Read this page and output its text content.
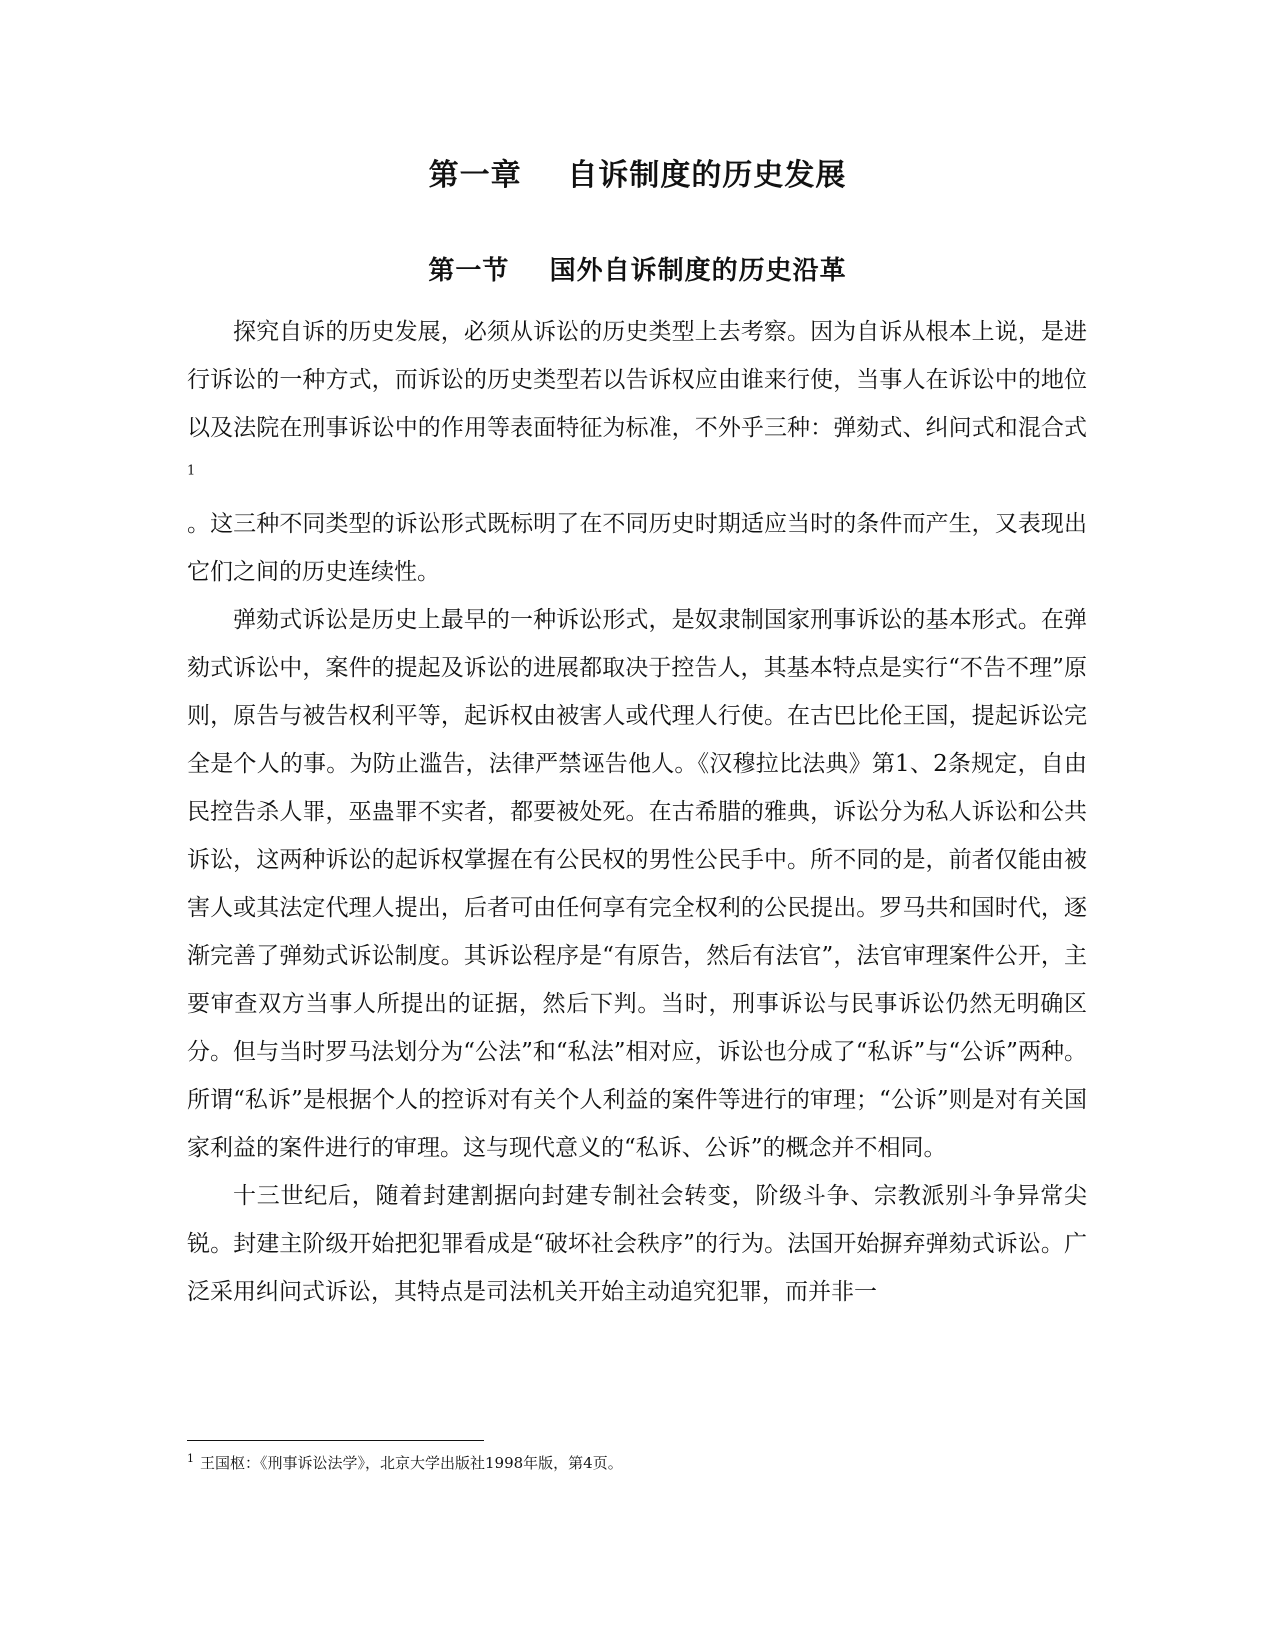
第一章    自诉制度的历史发展
第一节    国外自诉制度的历史沿革

探究自诉的历史发展，必须从诉讼的历史类型上去考察。因为自诉从根本上说，是进行诉讼的一种方式，而诉讼的历史类型若以告诉权应由谁来行使，当事人在诉讼中的地位以及法院在刑事诉讼中的作用等表面特征为标准，不外乎三种：弹劾式、纠问式和混合式$^1$

。这三种不同类型的诉讼形式既标明了在不同历史时期适应当时的条件而产生，又表现出它们之间的历史连续性。

弹劾式诉讼是历史上最早的一种诉讼形式，是奴隶制国家刑事诉讼的基本形式。在弹劾式诉讼中，案件的提起及诉讼的进展都取决于控告人，其基本特点是实行“不告不理”原则，原告与被告权利平等，起诉权由被害人或代理人行使。在古巴比伦王国，提起诉讼完全是个人的事。为防止滥告，法律严禁诬告他人。《汉穆拉比法典》第1、2条规定，自由民控告杀人罪，巫蛊罪不实者，都要被处死。在古希腊的雅典，诉讼分为私人诉讼和公共诉讼，这两种诉讼的起诉权掌握在有公民权的男性公民手中。所不同的是，前者仅能由被害人或其法定代理人提出，后者可由任何享有完全权利的公民提出。罗马共和国时代，逐渐完善了弹劾式诉讼制度。其诉讼程序是“有原告，然后有法官”，法官审理案件公开，主要审查双方当事人所提出的证据，然后下判。当时，刑事诉讼与民事诉讼仍然无明确区分。但与当时罗马法划分为“公法”和“私法”相对应，诉讼也分成了“私诉”与“公诉”两种。所谓“私诉”是根据个人的控诉对有关个人利益的案件等进行的审理；“公诉”则是对有关国家利益的案件进行的审理。这与现代意义的“私诉、公诉”的概念并不相同。

十三世纪后，随着封建割据向封建专制社会转变，阶级斗争、宗教派别斗争异常尖锐。封建主阶级开始把犯罪看成是“破坏社会秩序”的行为。法国开始摒弃弹劾式诉讼。广泛采用纠问式诉讼，其特点是司法机关开始主动追究犯罪，而并非一

$^1$ 王国枢：《刑事诉讼法学》，北京大学出版社1998年版，第4页。
